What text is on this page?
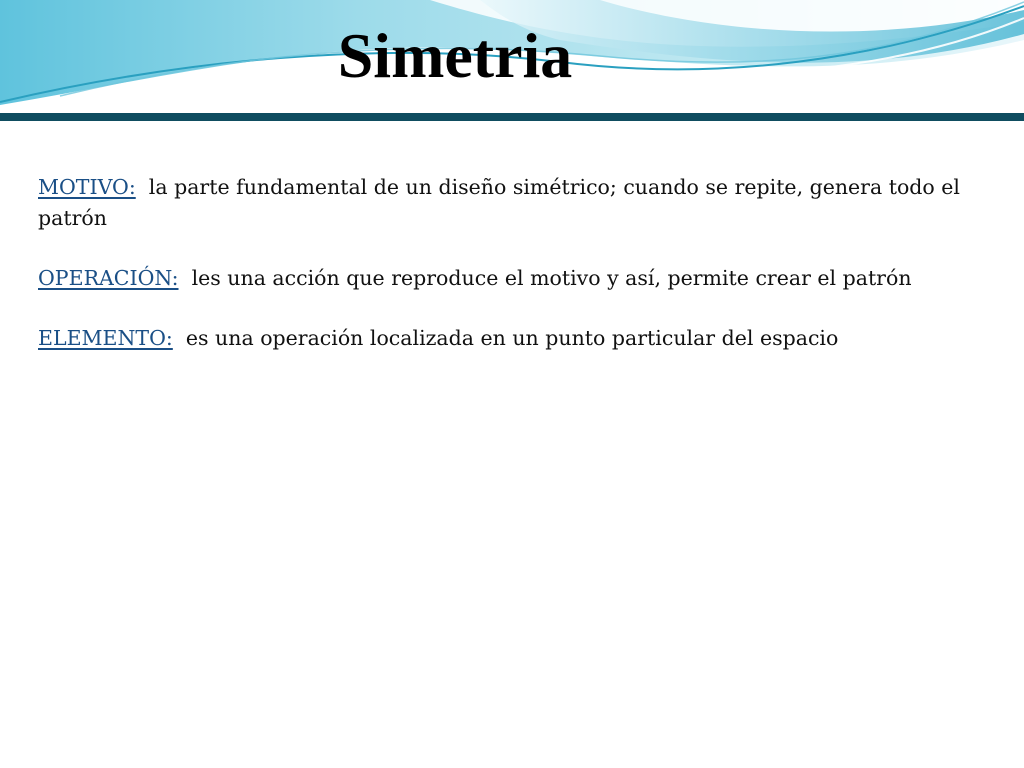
Simetria

MOTIVO: la parte fundamental de un diseño simétrico; cuando se repite, genera todo el patrón

OPERACIÓN: les una acción que reproduce el motivo y así, permite crear el patrón

ELEMENTO: es una operación localizada en un punto particular del espacio
